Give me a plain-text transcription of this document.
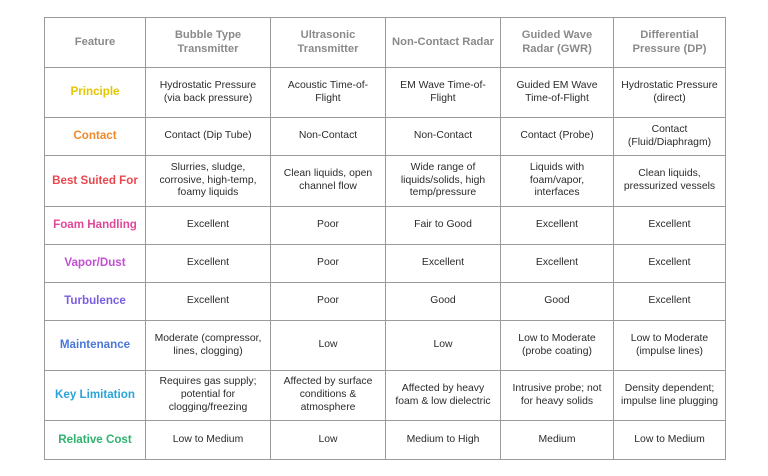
Feature	Bubble Type Transmitter	Ultrasonic Transmitter	Non-Contact Radar	Guided Wave Radar (GWR)	Differential Pressure (DP)
Principle	Hydrostatic Pressure (via back pressure)	Acoustic Time-of-Flight	EM Wave Time-of-Flight	Guided EM Wave Time-of-Flight	Hydrostatic Pressure (direct)
Contact	Contact (Dip Tube)	Non-Contact	Non-Contact	Contact (Probe)	Contact (Fluid/Diaphragm)
Best Suited For	Slurries, sludge, corrosive, high-temp, foamy liquids	Clean liquids, open channel flow	Wide range of liquids/solids, high temp/pressure	Liquids with foam/vapor, interfaces	Clean liquids, pressurized vessels
Foam Handling	Excellent	Poor	Fair to Good	Excellent	Excellent
Vapor/Dust	Excellent	Poor	Excellent	Excellent	Excellent
Turbulence	Excellent	Poor	Good	Good	Excellent
Maintenance	Moderate (compressor, lines, clogging)	Low	Low	Low to Moderate (probe coating)	Low to Moderate (impulse lines)
Key Limitation	Requires gas supply; potential for clogging/freezing	Affected by surface conditions & atmosphere	Affected by heavy foam & low dielectric	Intrusive probe; not for heavy solids	Density dependent; impulse line plugging
Relative Cost	Low to Medium	Low	Medium to High	Medium	Low to Medium
